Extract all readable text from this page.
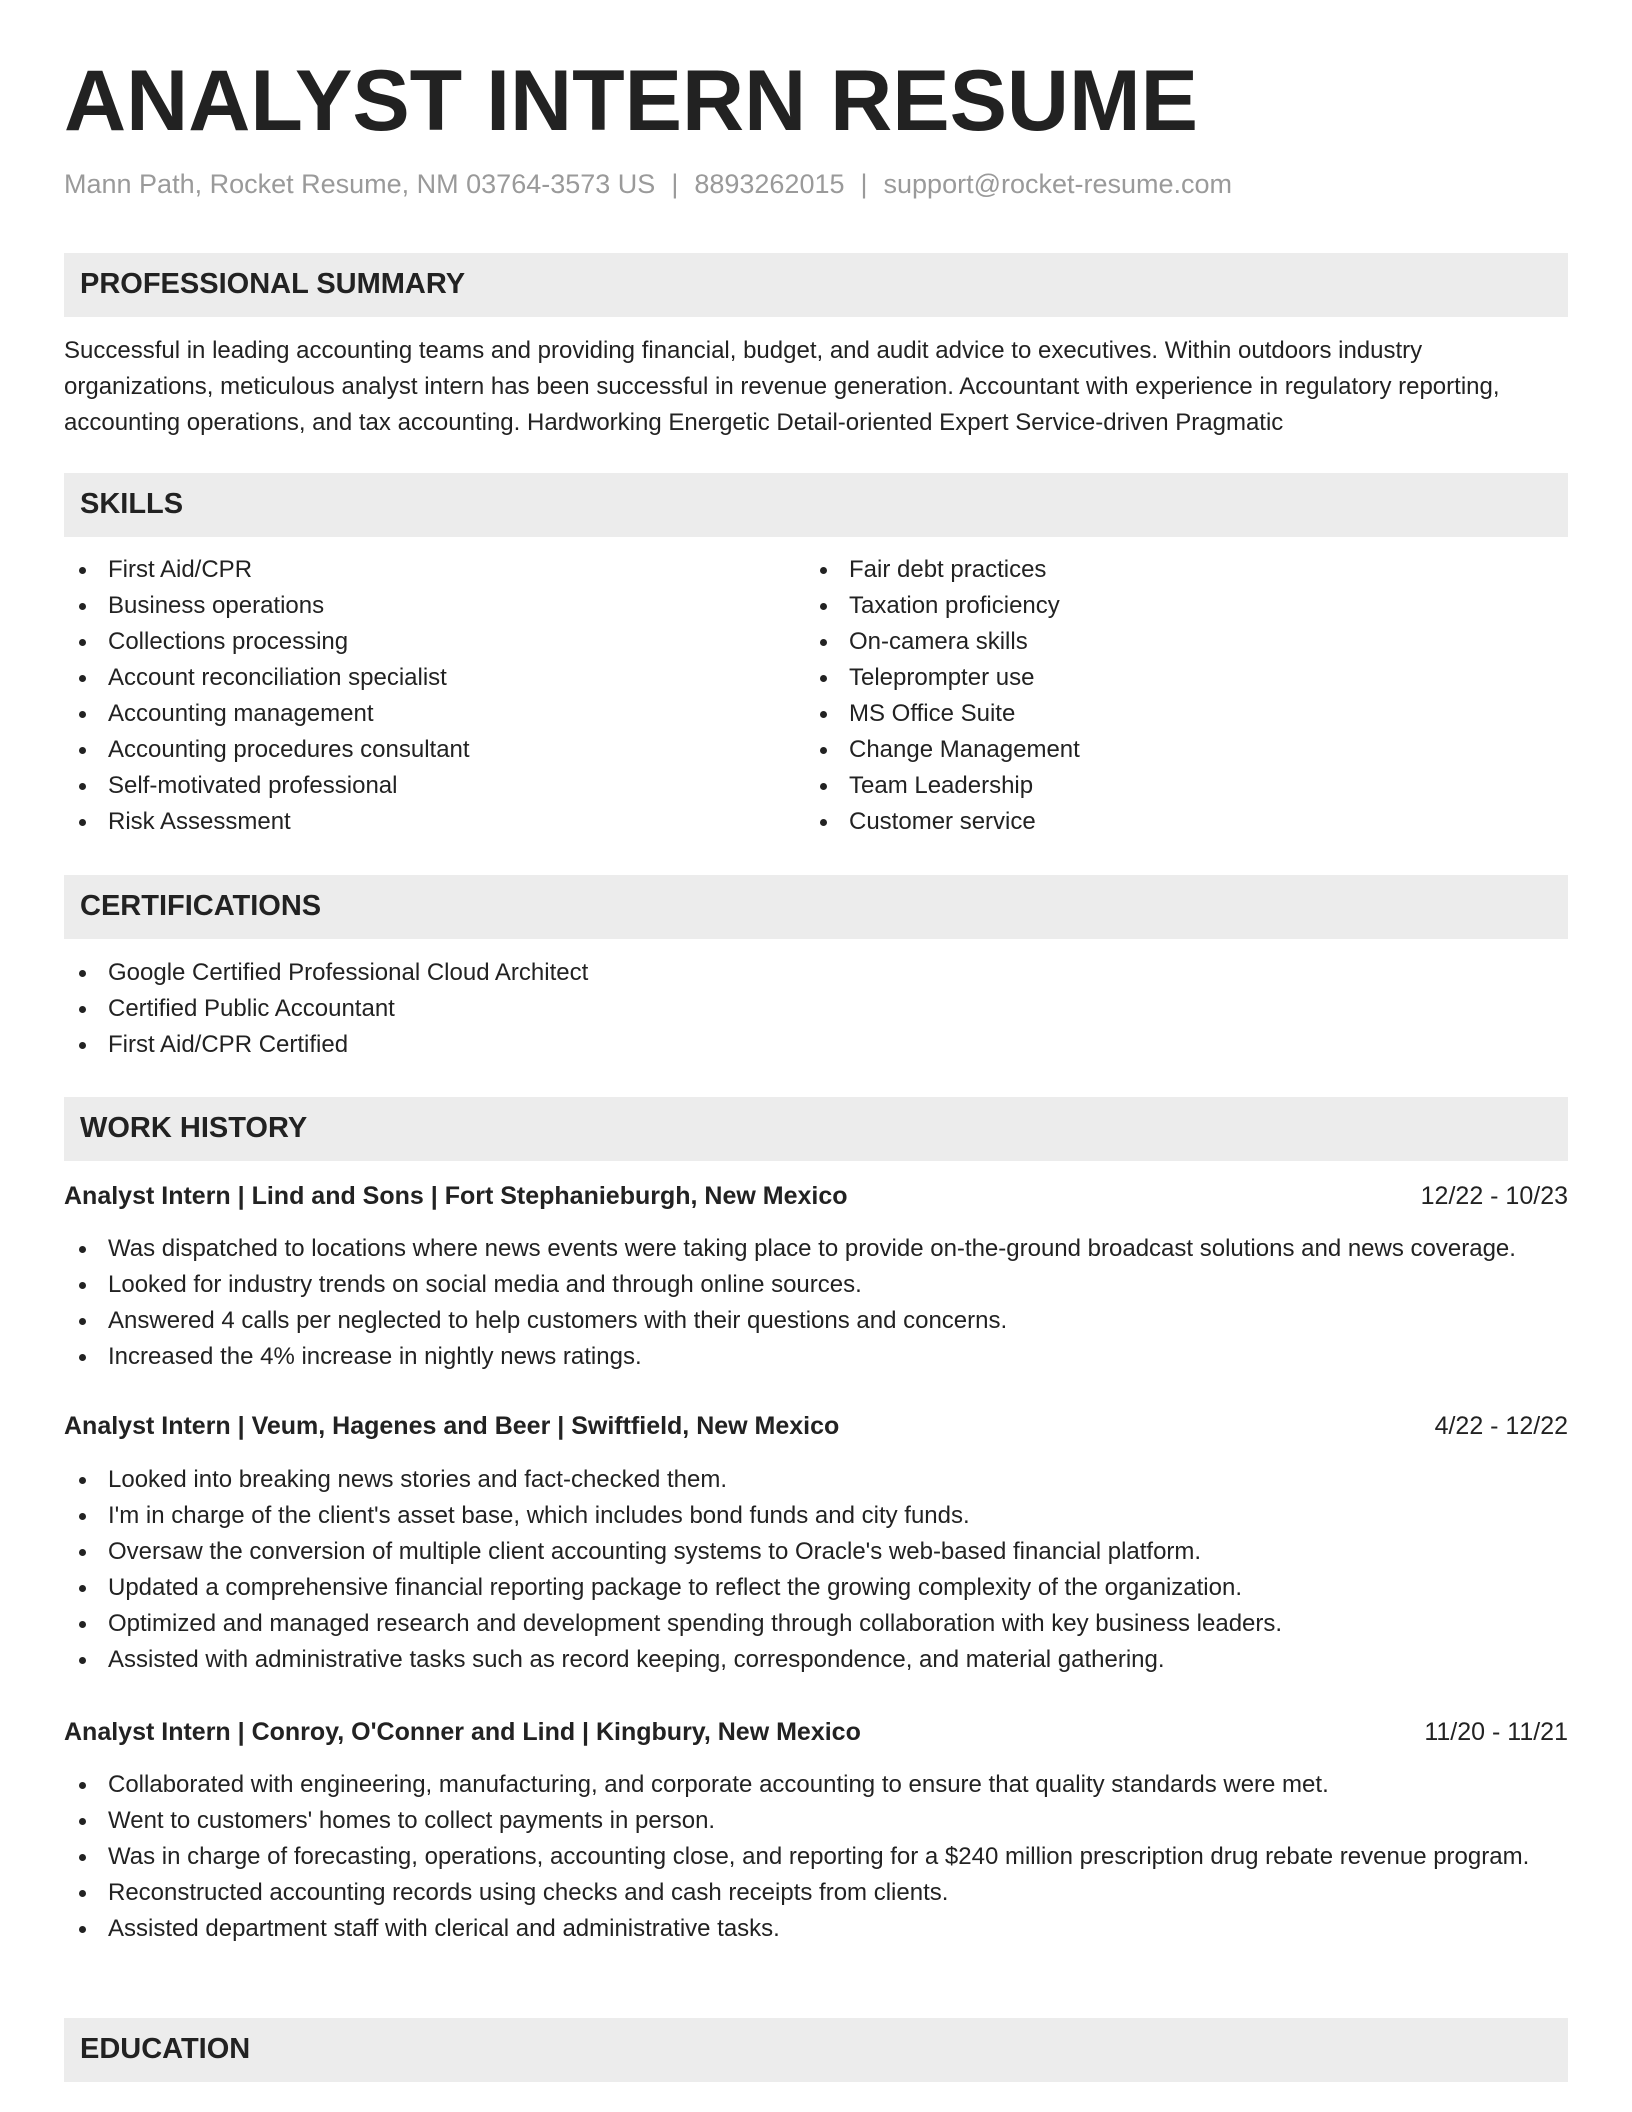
ANALYST INTERN RESUME
Mann Path, Rocket Resume, NM 03764-3573 US | 8893262015 | support@rocket-resume.com
PROFESSIONAL SUMMARY
Successful in leading accounting teams and providing financial, budget, and audit advice to executives. Within outdoors industry organizations, meticulous analyst intern has been successful in revenue generation. Accountant with experience in regulatory reporting, accounting operations, and tax accounting. Hardworking Energetic Detail-oriented Expert Service-driven Pragmatic
SKILLS
First Aid/CPR
Business operations
Collections processing
Account reconciliation specialist
Accounting management
Accounting procedures consultant
Self-motivated professional
Risk Assessment
Fair debt practices
Taxation proficiency
On-camera skills
Teleprompter use
MS Office Suite
Change Management
Team Leadership
Customer service
CERTIFICATIONS
Google Certified Professional Cloud Architect
Certified Public Accountant
First Aid/CPR Certified
WORK HISTORY
Analyst Intern | Lind and Sons | Fort Stephanieburgh, New Mexico	12/22 - 10/23
Was dispatched to locations where news events were taking place to provide on-the-ground broadcast solutions and news coverage.
Looked for industry trends on social media and through online sources.
Answered 4 calls per neglected to help customers with their questions and concerns.
Increased the 4% increase in nightly news ratings.
Analyst Intern | Veum, Hagenes and Beer | Swiftfield, New Mexico	4/22 - 12/22
Looked into breaking news stories and fact-checked them.
I'm in charge of the client's asset base, which includes bond funds and city funds.
Oversaw the conversion of multiple client accounting systems to Oracle's web-based financial platform.
Updated a comprehensive financial reporting package to reflect the growing complexity of the organization.
Optimized and managed research and development spending through collaboration with key business leaders.
Assisted with administrative tasks such as record keeping, correspondence, and material gathering.
Analyst Intern | Conroy, O'Conner and Lind | Kingbury, New Mexico	11/20 - 11/21
Collaborated with engineering, manufacturing, and corporate accounting to ensure that quality standards were met.
Went to customers' homes to collect payments in person.
Was in charge of forecasting, operations, accounting close, and reporting for a $240 million prescription drug rebate revenue program.
Reconstructed accounting records using checks and cash receipts from clients.
Assisted department staff with clerical and administrative tasks.
EDUCATION
